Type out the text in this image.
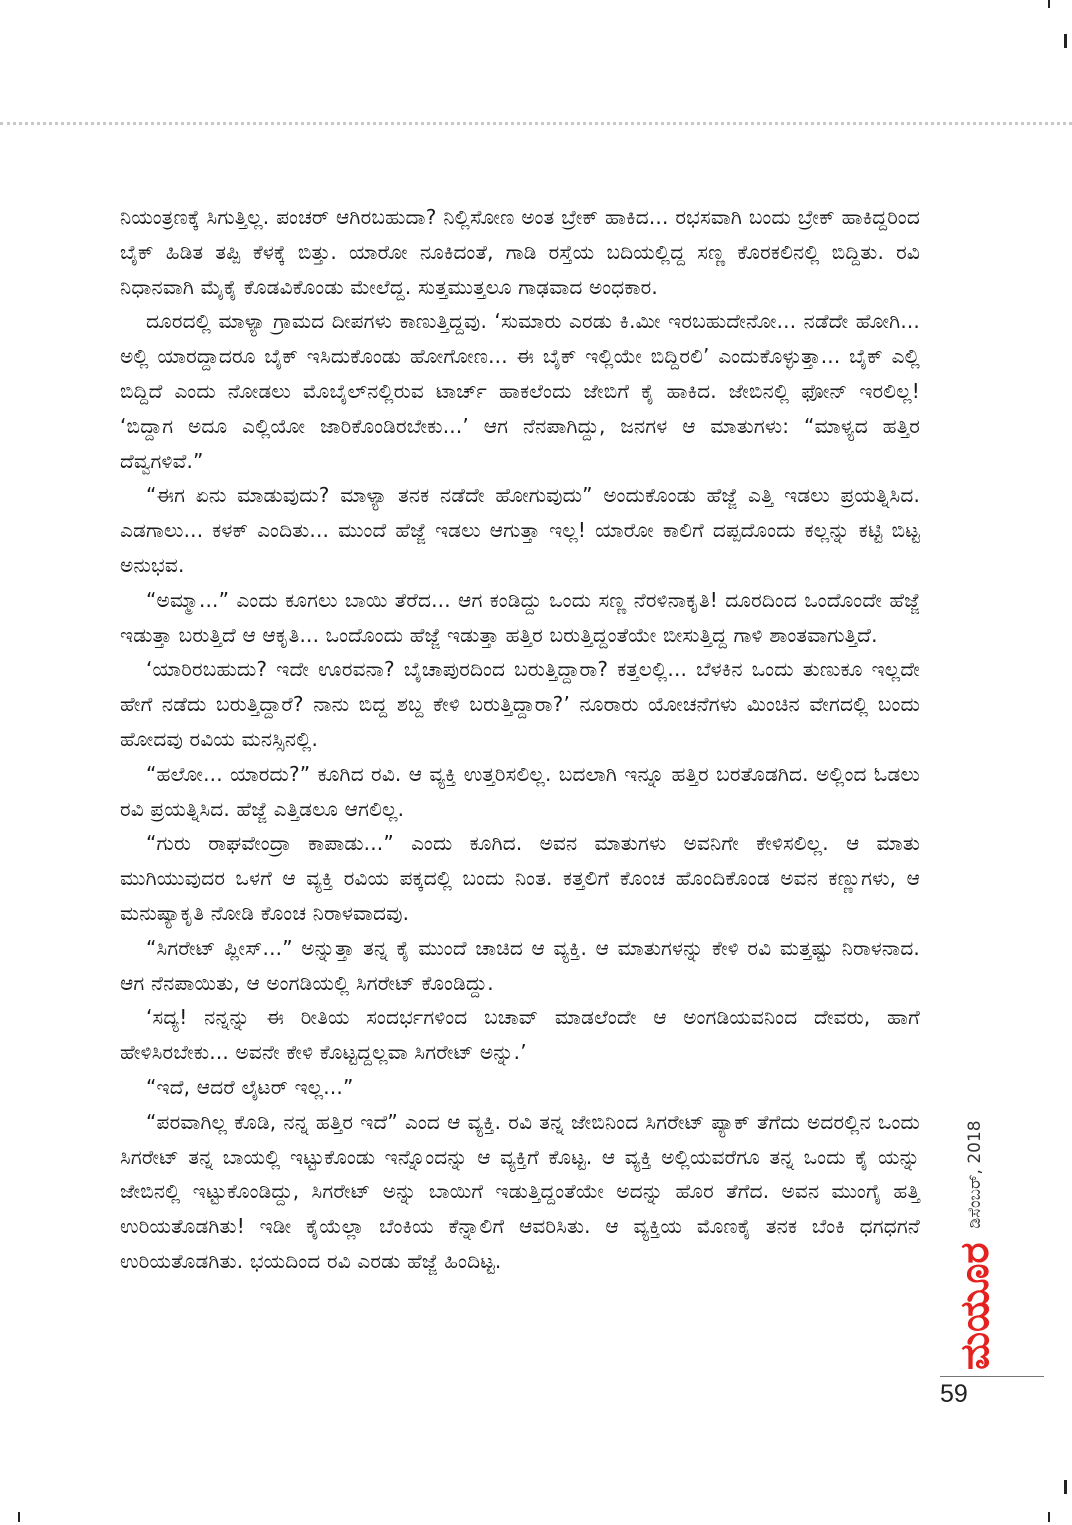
ನಿಯಂತ್ರಣಕ್ಕೆ ಸಿಗುತ್ತಿಲ್ಲ. ಪಂಚರ್ ಆಗಿರಬಹುದಾ? ನಿಲ್ಲಿಸೋಣ ಅಂತ ಬ್ರೇಕ್ ಹಾಕಿದ... ರಭಸವಾಗಿ ಬಂದು ಬ್ರೇಕ್ ಹಾಕಿದ್ದರಿಂದ ಬೈಕ್ ಹಿಡಿತ ತಪ್ಪಿ ಕೆಳಕ್ಕೆ ಬಿತ್ತು. ಯಾರೋ ನೂಕಿದಂತೆ, ಗಾಡಿ ರಸ್ತೆಯ ಬದಿಯಲ್ಲಿದ್ದ ಸಣ್ಣ ಕೊರಕಲಿನಲ್ಲಿ ಬಿದ್ದಿತು. ರವಿ ನಿಧಾನವಾಗಿ ಮೈಕೈ ಕೊಡವಿಕೊಂಡು ಮೇಲೆದ್ದ. ಸುತ್ತಮುತ್ತಲೂ ಗಾಢವಾದ ಅಂಧಕಾರ.

ದೂರದಲ್ಲಿ ಮಾಳ್ಯಾ ಗ್ರಾಮದ ದೀಪಗಳು ಕಾಣುತ್ತಿದ್ದವು. ‘ಸುಮಾರು ಎರಡು ಕಿ.ಮೀ ಇರಬಹುದೇನೋ... ನಡೆದೇ ಹೋಗಿ... ಅಲ್ಲಿ ಯಾರದ್ದಾದರೂ ಬೈಕ್ ಇಸಿದುಕೊಂಡು ಹೋಗೋಣ... ಈ ಬೈಕ್ ಇಲ್ಲಿಯೇ ಬಿದ್ದಿರಲಿ’ ಎಂದುಕೊಳ್ಳುತ್ತಾ... ಬೈಕ್ ಎಲ್ಲಿ ಬಿದ್ದಿದೆ ಎಂದು ನೋಡಲು ಮೊಬೈಲ್‌ನಲ್ಲಿರುವ ಟಾರ್ಚ್ ಹಾಕಲೆಂದು ಜೇಬಿಗೆ ಕೈ ಹಾಕಿದ. ಜೇಬಿನಲ್ಲಿ ಫೋನ್ ಇರಲಿಲ್ಲ! ‘ಬಿದ್ದಾಗ ಅದೂ ಎಲ್ಲಿಯೋ ಜಾರಿಕೊಂಡಿರಬೇಕು...’ ಆಗ ನೆನಪಾಗಿದ್ದು, ಜನಗಳ ಆ ಮಾತುಗಳು: “ಮಾಳ್ಯದ ಹತ್ತಿರ ದೆವ್ವಗಳಿವೆ.”

“ಈಗ ಏನು ಮಾಡುವುದು? ಮಾಳ್ಯಾ ತನಕ ನಡೆದೇ ಹೋಗುವುದು” ಅಂದುಕೊಂಡು ಹೆಜ್ಜೆ ಎತ್ತಿ ಇಡಲು ಪ್ರಯತ್ನಿಸಿದ. ಎಡಗಾಲು... ಕಳಕ್ ಎಂದಿತು... ಮುಂದೆ ಹೆಜ್ಜೆ ಇಡಲು ಆಗುತ್ತಾ ಇಲ್ಲ! ಯಾರೋ ಕಾಲಿಗೆ ದಪ್ಪದೊಂದು ಕಲ್ಲನ್ನು ಕಟ್ಟಿ ಬಿಟ್ಟ ಅನುಭವ.

“ಅಮ್ಮಾ...” ಎಂದು ಕೂಗಲು ಬಾಯಿ ತೆರೆದ... ಆಗ ಕಂಡಿದ್ದು ಒಂದು ಸಣ್ಣ ನೆರಳಿನಾಕೃತಿ! ದೂರದಿಂದ ಒಂದೊಂದೇ ಹೆಜ್ಜೆ ಇಡುತ್ತಾ ಬರುತ್ತಿದೆ ಆ ಆಕೃತಿ... ಒಂದೊಂದು ಹೆಜ್ಜೆ ಇಡುತ್ತಾ ಹತ್ತಿರ ಬರುತ್ತಿದ್ದಂತೆಯೇ ಬೀಸುತ್ತಿದ್ದ ಗಾಳಿ ಶಾಂತವಾಗುತ್ತಿದೆ.

‘ಯಾರಿರಬಹುದು? ಇದೇ ಊರವನಾ? ಬೈಚಾಪುರದಿಂದ ಬರುತ್ತಿದ್ದಾರಾ? ಕತ್ತಲಲ್ಲಿ... ಬೆಳಕಿನ ಒಂದು ತುಣುಕೂ ಇಲ್ಲದೇ ಹೇಗೆ ನಡೆದು ಬರುತ್ತಿದ್ದಾರೆ? ನಾನು ಬಿದ್ದ ಶಬ್ದ ಕೇಳಿ ಬರುತ್ತಿದ್ದಾರಾ?’ ನೂರಾರು ಯೋಚನೆಗಳು ಮಿಂಚಿನ ವೇಗದಲ್ಲಿ ಬಂದು ಹೋದವು ರವಿಯ ಮನಸ್ಸಿನಲ್ಲಿ.

“ಹಲೋ... ಯಾರದು?” ಕೂಗಿದ ರವಿ. ಆ ವ್ಯಕ್ತಿ ಉತ್ತರಿಸಲಿಲ್ಲ. ಬದಲಾಗಿ ಇನ್ನೂ ಹತ್ತಿರ ಬರತೊಡಗಿದ. ಅಲ್ಲಿಂದ ಓಡಲು ರವಿ ಪ್ರಯತ್ನಿಸಿದ. ಹೆಜ್ಜೆ ಎತ್ತಿಡಲೂ ಆಗಲಿಲ್ಲ.

“ಗುರು ರಾಘವೇಂದ್ರಾ ಕಾಪಾಡು...” ಎಂದು ಕೂಗಿದ. ಅವನ ಮಾತುಗಳು ಅವನಿಗೇ ಕೇಳಿಸಲಿಲ್ಲ. ಆ ಮಾತು ಮುಗಿಯುವುದರ ಒಳಗೆ ಆ ವ್ಯಕ್ತಿ ರವಿಯ ಪಕ್ಕದಲ್ಲಿ ಬಂದು ನಿಂತ. ಕತ್ತಲಿಗೆ ಕೊಂಚ ಹೊಂದಿಕೊಂಡ ಅವನ ಕಣ್ಣುಗಳು, ಆ ಮನುಷ್ಯಾಕೃತಿ ನೋಡಿ ಕೊಂಚ ನಿರಾಳವಾದವು.

“ಸಿಗರೇಟ್ ಪ್ಲೀಸ್...” ಅನ್ನುತ್ತಾ ತನ್ನ ಕೈ ಮುಂದೆ ಚಾಚಿದ ಆ ವ್ಯಕ್ತಿ. ಆ ಮಾತುಗಳನ್ನು ಕೇಳಿ ರವಿ ಮತ್ತಷ್ಟು ನಿರಾಳನಾದ. ಆಗ ನೆನಪಾಯಿತು, ಆ ಅಂಗಡಿಯಲ್ಲಿ ಸಿಗರೇಟ್ ಕೊಂಡಿದ್ದು.

‘ಸದ್ಯ! ನನ್ನನ್ನು ಈ ರೀತಿಯ ಸಂದರ್ಭಗಳಿಂದ ಬಚಾವ್ ಮಾಡಲೆಂದೇ ಆ ಅಂಗಡಿಯವನಿಂದ ದೇವರು, ಹಾಗೆ ಹೇಳಿಸಿರಬೇಕು... ಅವನೇ ಕೇಳಿ ಕೊಟ್ಟದ್ದಲ್ಲವಾ ಸಿಗರೇಟ್ ಅನ್ನು.’

“ಇದೆ, ಆದರೆ ಲೈಟರ್ ಇಲ್ಲ...”

“ಪರವಾಗಿಲ್ಲ ಕೊಡಿ, ನನ್ನ ಹತ್ತಿರ ಇದೆ” ಎಂದ ಆ ವ್ಯಕ್ತಿ. ರವಿ ತನ್ನ ಜೇಬಿನಿಂದ ಸಿಗರೇಟ್ ಪ್ಯಾಕ್ ತೆಗೆದು ಅದರಲ್ಲಿನ ಒಂದು ಸಿಗರೇಟ್ ತನ್ನ ಬಾಯಲ್ಲಿ ಇಟ್ಟುಕೊಂಡು ಇನ್ನೊಂದನ್ನು ಆ ವ್ಯಕ್ತಿಗೆ ಕೊಟ್ಟ. ಆ ವ್ಯಕ್ತಿ ಅಲ್ಲಿಯವರೆಗೂ ತನ್ನ ಒಂದು ಕೈ ಯನ್ನು ಜೇಬಿನಲ್ಲಿ ಇಟ್ಟುಕೊಂಡಿದ್ದು, ಸಿಗರೇಟ್ ಅನ್ನು ಬಾಯಿಗೆ ಇಡುತ್ತಿದ್ದಂತೆಯೇ ಅದನ್ನು ಹೊರ ತೆಗೆದ. ಅವನ ಮುಂಗೈ ಹತ್ತಿ ಉರಿಯತೊಡಗಿತು! ಇಡೀ ಕೈಯೆಲ್ಲಾ ಬೆಂಕಿಯ ಕೆನ್ನಾಲಿಗೆ ಆವರಿಸಿತು. ಆ ವ್ಯಕ್ತಿಯ ಮೊಣಕೈ ತನಕ ಬೆಂಕಿ ಧಗಧಗನೆ ಉರಿಯತೊಡಗಿತು. ಭಯದಿಂದ ರವಿ ಎರಡು ಹೆಜ್ಜೆ ಹಿಂದಿಟ್ಟ.	ಮಯೂರ
ಡಿಸೆಂಬರ್, 2018
59
